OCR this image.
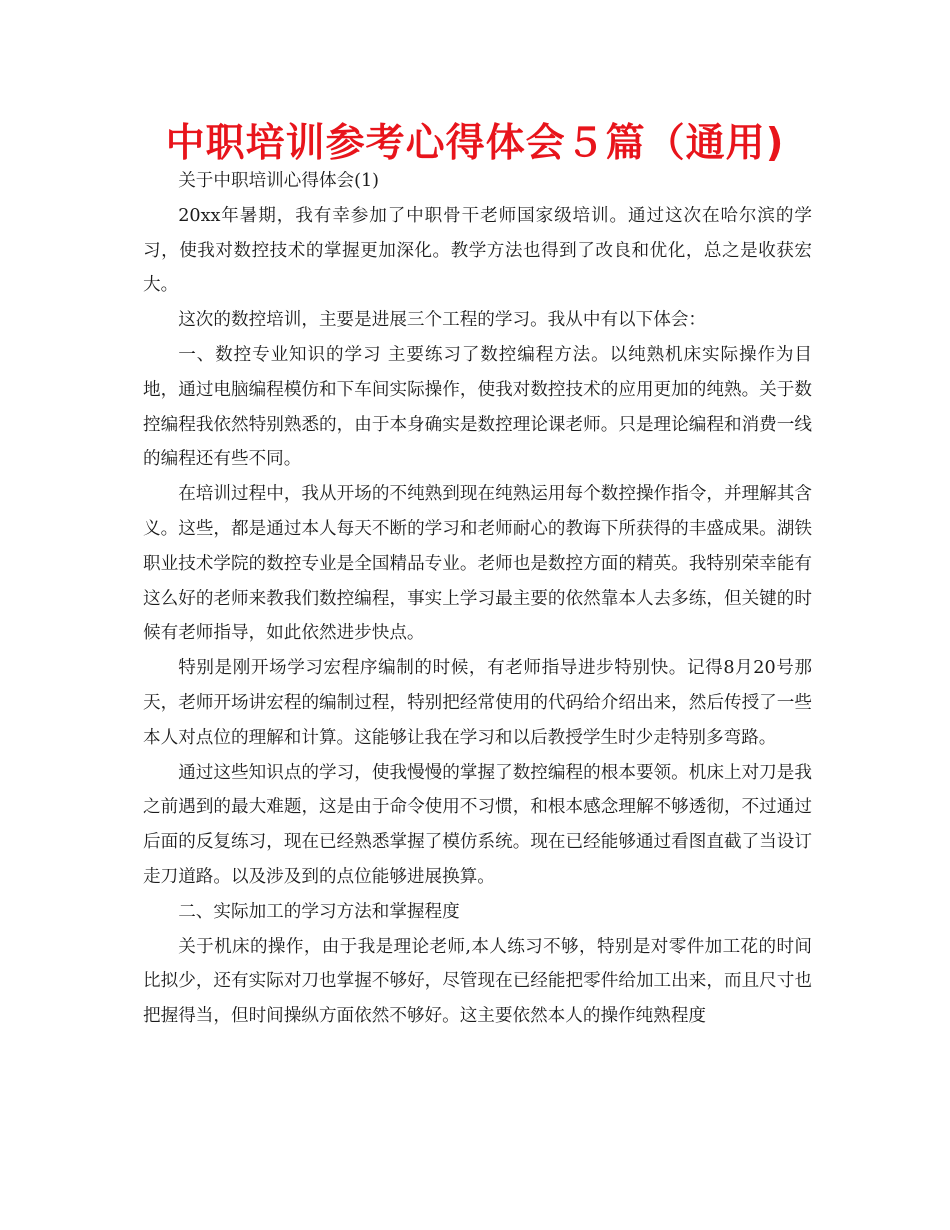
中职培训参考心得体会５篇（通用)

关于中职培训心得体会(1)

20xx年暑期，我有幸参加了中职骨干老师国家级培训。通过这次在哈尔滨的学习，使我对数控技术的掌握更加深化。教学方法也得到了改良和优化，总之是收获宏大。

这次的数控培训，主要是进展三个工程的学习。我从中有以下体会：

一、数控专业知识的学习 主要练习了数控编程方法。以纯熟机床实际操作为目地，通过电脑编程模仿和下车间实际操作，使我对数控技术的应用更加的纯熟。关于数控编程我依然特别熟悉的，由于本身确实是数控理论课老师。只是理论编程和消费一线的编程还有些不同。

在培训过程中，我从开场的不纯熟到现在纯熟运用每个数控操作指令，并理解其含义。这些，都是通过本人每天不断的学习和老师耐心的教诲下所获得的丰盛成果。湖铁职业技术学院的数控专业是全国精品专业。老师也是数控方面的精英。我特别荣幸能有这么好的老师来教我们数控编程，事实上学习最主要的依然靠本人去多练，但关键的时候有老师指导，如此依然进步快点。

特别是刚开场学习宏程序编制的时候，有老师指导进步特别快。记得8月20号那天，老师开场讲宏程的编制过程，特别把经常使用的代码给介绍出来，然后传授了一些本人对点位的理解和计算。这能够让我在学习和以后教授学生时少走特别多弯路。

通过这些知识点的学习，使我慢慢的掌握了数控编程的根本要领。机床上对刀是我之前遇到的最大难题，这是由于命令使用不习惯，和根本感念理解不够透彻，不过通过后面的反复练习，现在已经熟悉掌握了模仿系统。现在已经能够通过看图直截了当设订走刀道路。以及涉及到的点位能够进展换算。

二、实际加工的学习方法和掌握程度

关于机床的操作，由于我是理论老师,本人练习不够，特别是对零件加工花的时间比拟少，还有实际对刀也掌握不够好，尽管现在已经能把零件给加工出来，而且尺寸也把握得当，但时间操纵方面依然不够好。这主要依然本人的操作纯熟程度
